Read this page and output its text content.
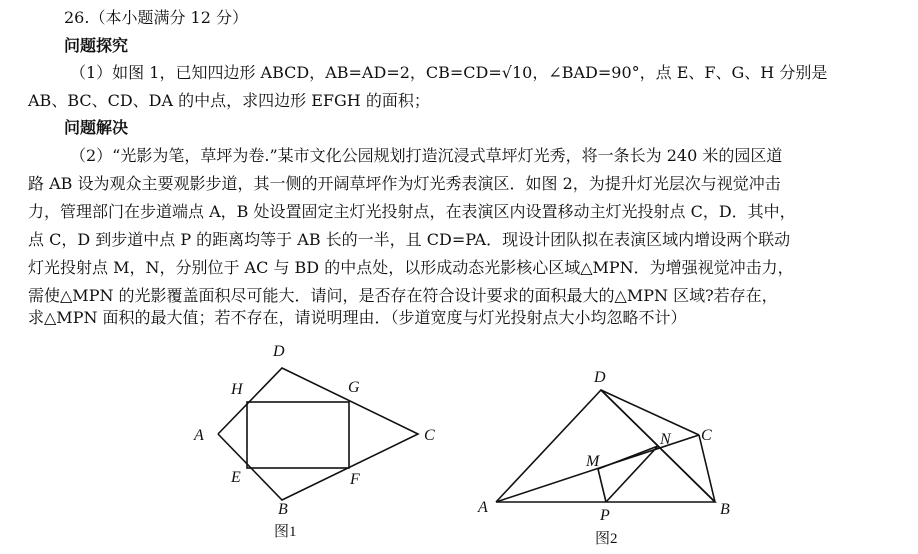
26.（本小题满分 12 分）
问题探究
（1）如图 1，已知四边形 ABCD，AB=AD=2，CB=CD=√10，∠BAD=90°，点 E、F、G、H 分别是
AB、BC、CD、DA 的中点，求四边形 EFGH 的面积；
问题解决
（2）“光影为笔，草坪为卷.”某市文化公园规划打造沉浸式草坪灯光秀，将一条长为 240 米的园区道
路 AB 设为观众主要观影步道，其一侧的开阔草坪作为灯光秀表演区．如图 2，为提升灯光层次与视觉冲击
力，管理部门在步道端点 A，B 处设置固定主灯光投射点，在表演区内设置移动主灯光投射点 C，D．其中，
点 C，D 到步道中点 P 的距离均等于 AB 长的一半，且 CD=PA．现设计团队拟在表演区域内增设两个联动
灯光投射点 M，N，分别位于 AC 与 BD 的中点处，以形成动态光影核心区域△MPN．为增强视觉冲击力，
需使△MPN 的光影覆盖面积尽可能大．请问，是否存在符合设计要求的面积最大的△MPN 区域?若存在，
求△MPN 面积的最大值；若不存在，请说明理由．（步道宽度与灯光投射点大小均忽略不计）
A
B
C
D
E	F
G
H
图1
A	B
C
D
M
N
P
图2
